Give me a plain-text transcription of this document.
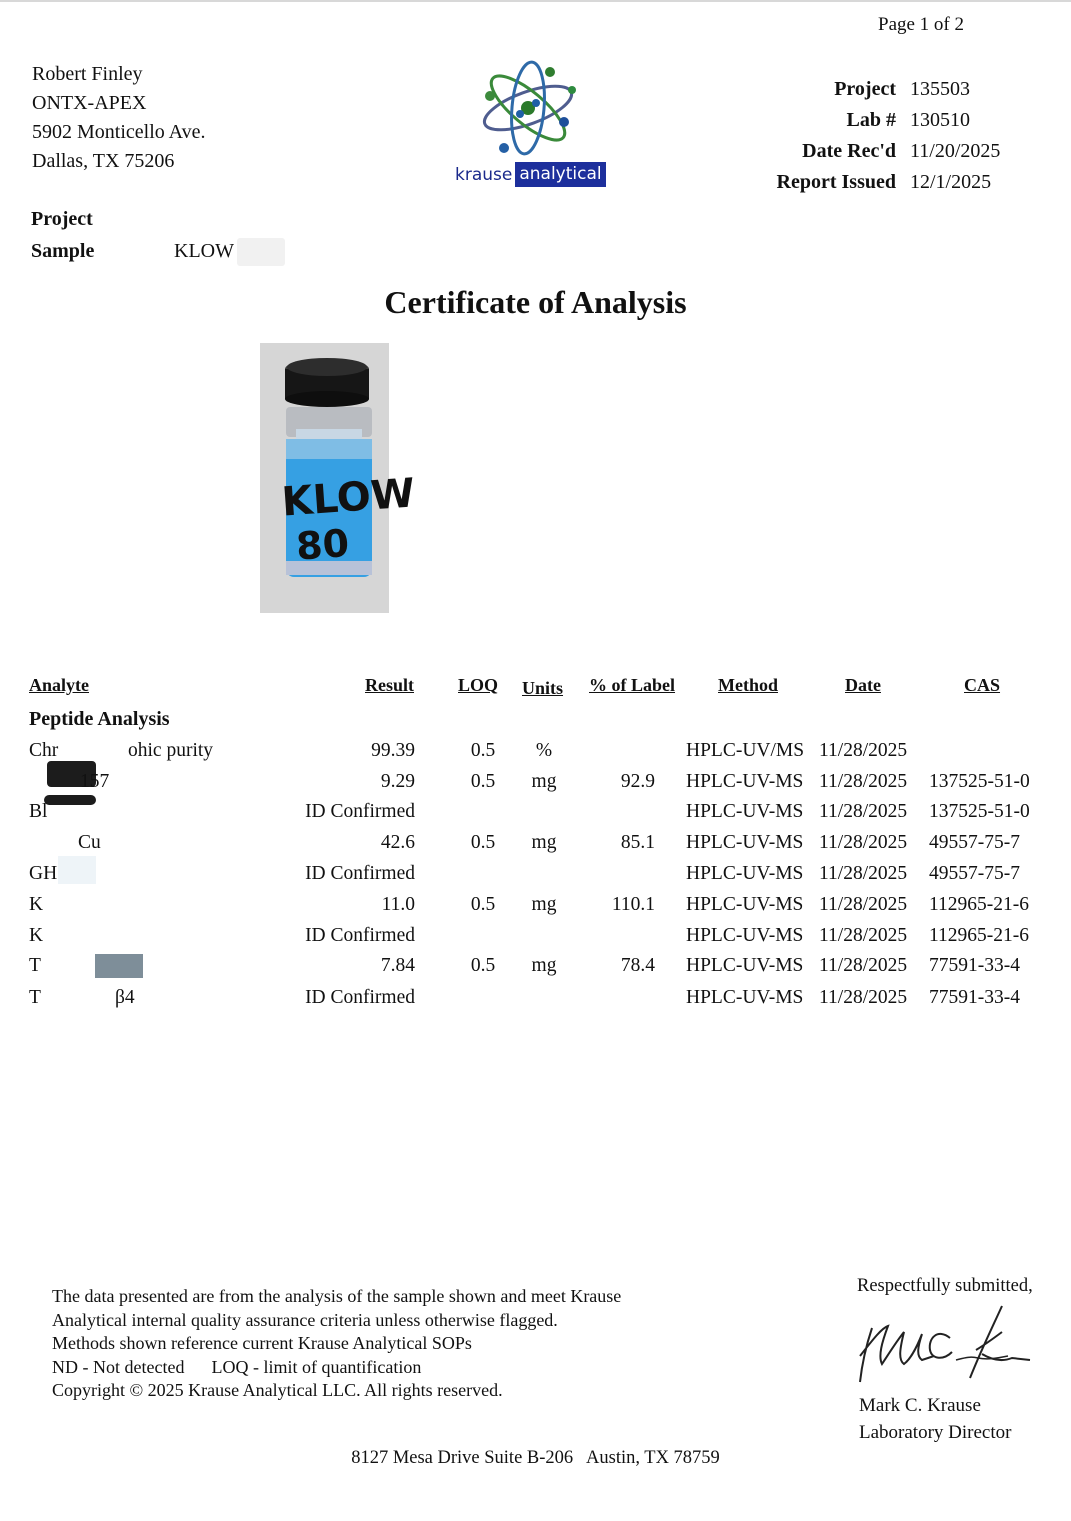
Page 1 of 2
Robert Finley
ONTX-APEX
5902 Monticello Ave.
Dallas, TX 75206
krause analytical
Project 135503
Lab # 130510
Date Rec'd 11/20/2025
Report Issued 12/1/2025
Project
Sample	KLOW
Certificate of Analysis
KLOW
80
Analyte	Result LOQ Units % of Label Method	Date	CAS
Peptide Analysis
Chr	ohic purity	99.39	0.5	%	HPLC-UV/MS 11/28/2025
157	9.29	0.5	mg	92.9 HPLC-UV-MS 11/28/2025 137525-51-0
Bl	ID Confirmed	HPLC-UV-MS 11/28/2025 137525-51-0
Cu	42.6	0.5	mg	85.1 HPLC-UV-MS 11/28/2025 49557-75-7
GH	ID Confirmed	HPLC-UV-MS 11/28/2025 49557-75-7
K	11.0	0.5	mg	110.1 HPLC-UV-MS 11/28/2025 112965-21-6
K	ID Confirmed	HPLC-UV-MS 11/28/2025 112965-21-6
T	7.84	0.5	mg	78.4 HPLC-UV-MS 11/28/2025 77591-33-4
T	β4	ID Confirmed	HPLC-UV-MS 11/28/2025 77591-33-4
The data presented are from the analysis of the sample shown and meet Krause
Analytical internal quality assurance criteria unless otherwise flagged.
Methods shown reference current Krause Analytical SOPs
ND - Not detected      LOQ - limit of quantification
Copyright © 2025 Krause Analytical LLC. All rights reserved.
Respectfully submitted,
Mark C. Krause
Laboratory Director
8127 Mesa Drive Suite B-206   Austin, TX 78759
